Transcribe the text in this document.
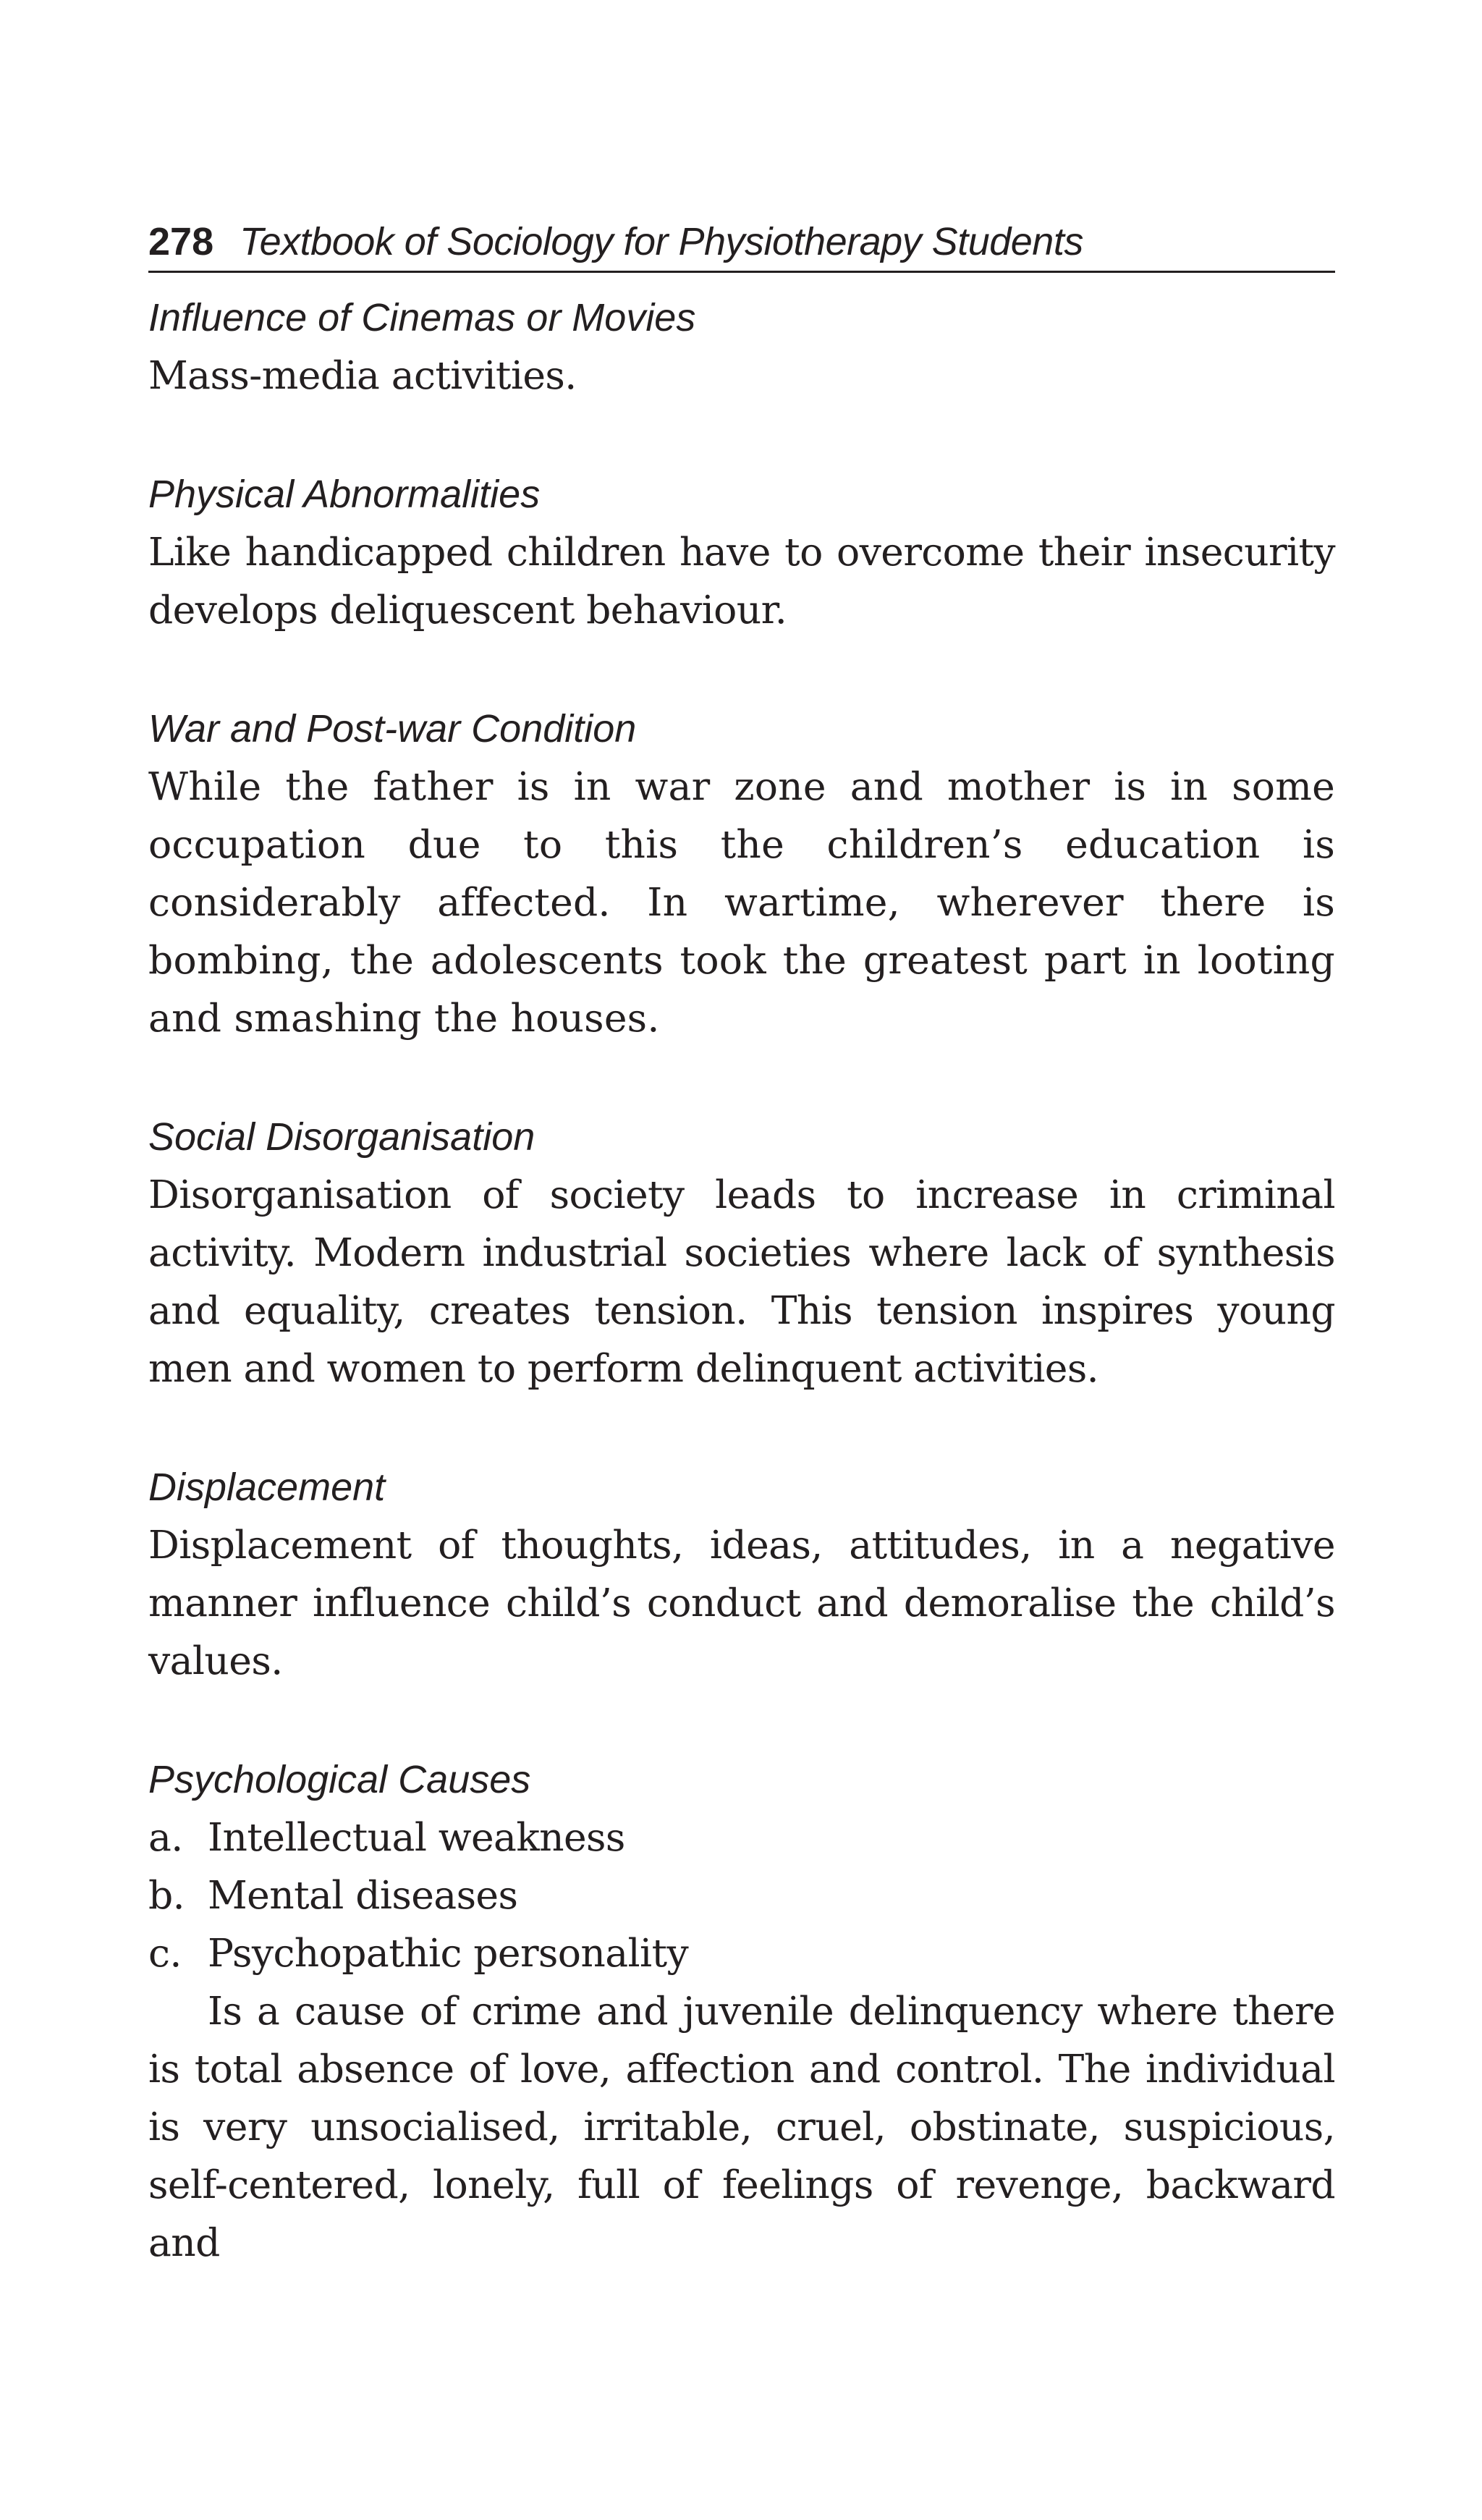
278 Textbook of Sociology for Physiotherapy Students
Influence of Cinemas or Movies

Mass-media activities.

Physical Abnormalities

Like handicapped children have to overcome their insecurity develops deliquescent behaviour.

War and Post-war Condition

While the father is in war zone and mother is in some occupation due to this the children’s education is considerably affected. In wartime, wherever there is bombing, the adolescents took the greatest part in looting and smashing the houses.

Social Disorganisation

Disorganisation of society leads to increase in criminal activity. Modern industrial societies where lack of synthesis and equality, creates tension. This tension inspires young men and women to perform delinquent activities.

Displacement

Displacement of thoughts, ideas, attitudes, in a negative manner influence child’s conduct and demoralise the child’s values.

Psychological Causes
a. Intellectual weakness
b. Mental diseases
c. Psychopathic personality

Is a cause of crime and juvenile delinquency where there is total absence of love, affection and control. The individual is very unsocialised, irritable, cruel, obstinate, suspicious, self-centered, lonely, full of feelings of revenge, backward and
